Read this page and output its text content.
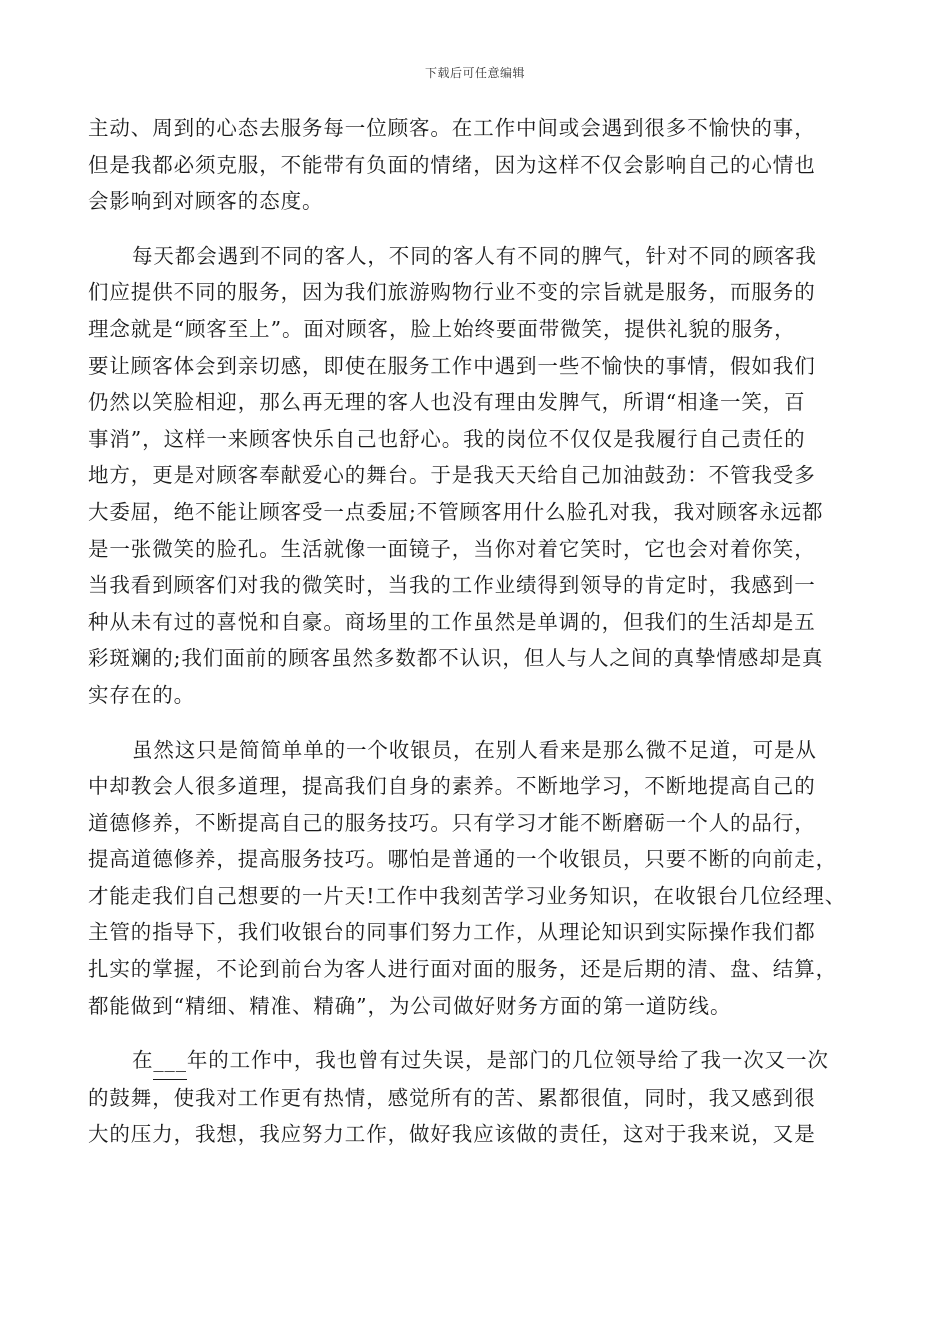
下载后可任意编辑

主动、周到的心态去服务每一位顾客。在工作中间或会遇到很多不愉快的事，
但是我都必须克服，不能带有负面的情绪，因为这样不仅会影响自己的心情也
会影响到对顾客的态度。

每天都会遇到不同的客人，不同的客人有不同的脾气，针对不同的顾客我
们应提供不同的服务，因为我们旅游购物行业不变的宗旨就是服务，而服务的
理念就是“顾客至上”。面对顾客，脸上始终要面带微笑，提供礼貌的服务，
要让顾客体会到亲切感，即使在服务工作中遇到一些不愉快的事情，假如我们
仍然以笑脸相迎，那么再无理的客人也没有理由发脾气，所谓“相逢一笑，百
事消”，这样一来顾客快乐自己也舒心。我的岗位不仅仅是我履行自己责任的
地方，更是对顾客奉献爱心的舞台。于是我天天给自己加油鼓劲：不管我受多
大委屈，绝不能让顾客受一点委屈;不管顾客用什么脸孔对我，我对顾客永远都
是一张微笑的脸孔。生活就像一面镜子，当你对着它笑时，它也会对着你笑，
当我看到顾客们对我的微笑时，当我的工作业绩得到领导的肯定时，我感到一
种从未有过的喜悦和自豪。商场里的工作虽然是单调的，但我们的生活却是五
彩斑斓的;我们面前的顾客虽然多数都不认识，但人与人之间的真挚情感却是真
实存在的。

虽然这只是简简单单的一个收银员，在别人看来是那么微不足道，可是从
中却教会人很多道理，提高我们自身的素养。不断地学习，不断地提高自己的
道德修养，不断提高自己的服务技巧。只有学习才能不断磨砺一个人的品行，
提高道德修养，提高服务技巧。哪怕是普通的一个收银员，只要不断的向前走，
才能走我们自己想要的一片天!工作中我刻苦学习业务知识，在收银台几位经理、
主管的指导下，我们收银台的同事们努力工作，从理论知识到实际操作我们都
扎实的掌握，不论到前台为客人进行面对面的服务，还是后期的清、盘、结算，
都能做到“精细、精准、精确”，为公司做好财务方面的第一道防线。

在___年的工作中，我也曾有过失误，是部门的几位领导给了我一次又一次
的鼓舞，使我对工作更有热情，感觉所有的苦、累都很值，同时，我又感到很
大的压力，我想，我应努力工作，做好我应该做的责任，这对于我来说，又是
